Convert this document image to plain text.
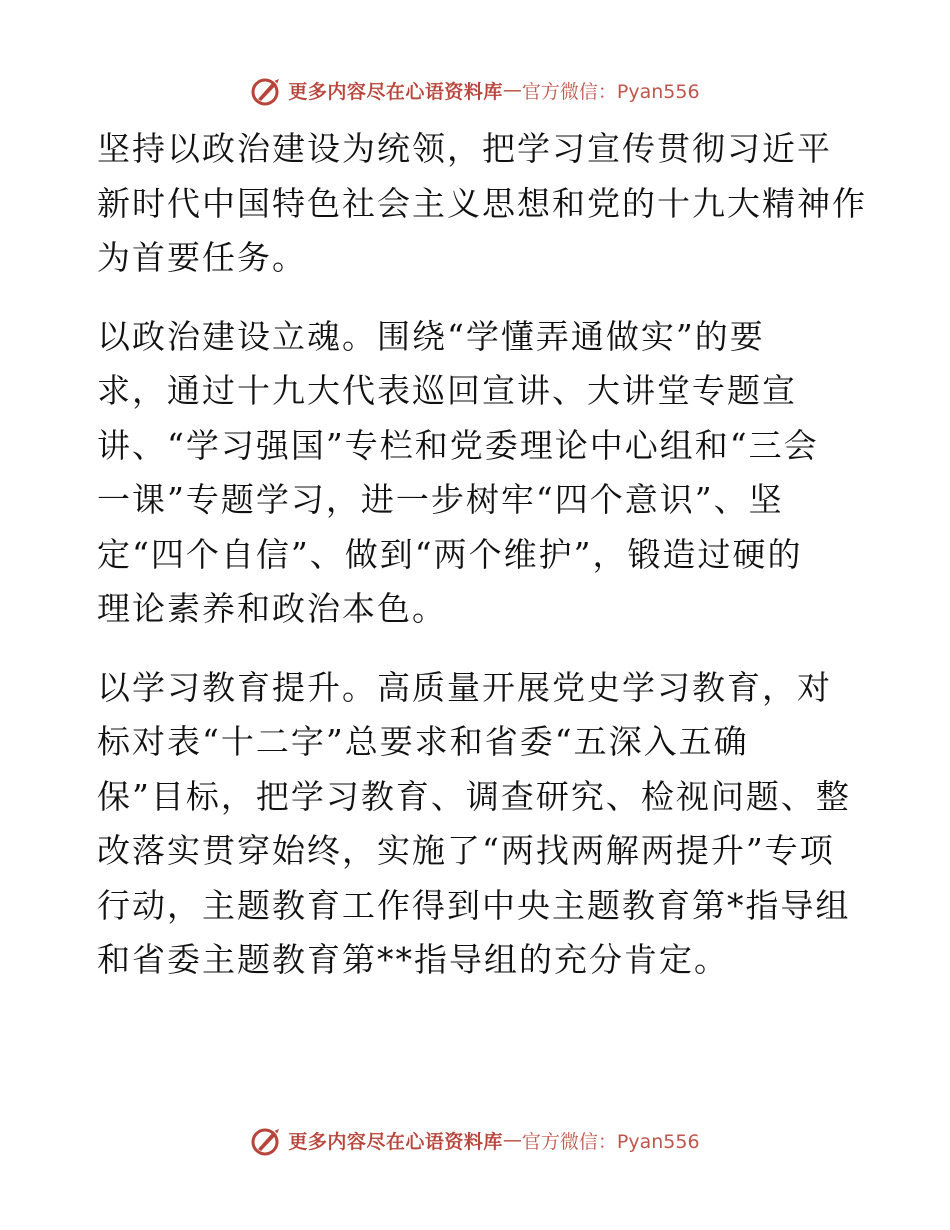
更多内容尽在心语资料库 — 官方微信：Pyan556

坚持以政治建设为统领，把学习宣传贯彻习近平
新时代中国特色社会主义思想和党的十九大精神作
为首要任务。

以政治建设立魂。围绕“学懂弄通做实”的要
求，通过十九大代表巡回宣讲、大讲堂专题宣
讲、“学习强国”专栏和党委理论中心组和“三会
一课”专题学习，进一步树牢“四个意识”、坚
定“四个自信”、做到“两个维护”，锻造过硬的
理论素养和政治本色。

以学习教育提升。高质量开展党史学习教育，对
标对表“十二字”总要求和省委“五深入五确
保”目标，把学习教育、调查研究、检视问题、整
改落实贯穿始终，实施了“两找两解两提升”专项
行动，主题教育工作得到中央主题教育第*指导组
和省委主题教育第**指导组的充分肯定。

更多内容尽在心语资料库 — 官方微信：Pyan556
